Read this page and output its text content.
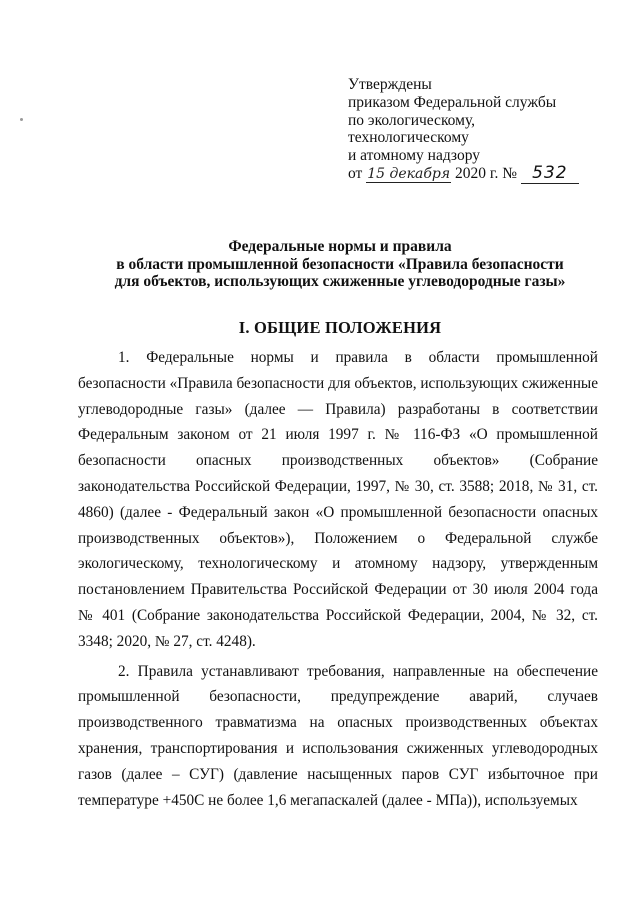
Утверждены
приказом Федеральной службы
по экологическому,
технологическому
и атомному надзору
от 15 декабря 2020 г. № 532
Федеральные нормы и правила
в области промышленной безопасности «Правила безопасности
для объектов, использующих сжиженные углеводородные газы»
I. ОБЩИЕ ПОЛОЖЕНИЯ

1. Федеральные нормы и правила в области промышленной безопасности «Правила безопасности для объектов, использующих сжиженные углеводородные газы» (далее — Правила) разработаны в соответствии Федеральным законом от 21 июля 1997 г. № 116-ФЗ «О промышленной безопасности опасных производственных объектов» (Собрание законодательства Российской Федерации, 1997, № 30, ст. 3588; 2018, № 31, ст. 4860) (далее - Федеральный закон «О промышленной безопасности опасных производственных объектов»), Положением о Федеральной службе экологическому, технологическому и атомному надзору, утвержденным постановлением Правительства Российской Федерации от 30 июля 2004 года № 401 (Собрание законодательства Российской Федерации, 2004, № 32, ст. 3348; 2020, № 27, ст. 4248).

2. Правила устанавливают требования, направленные на обеспечение промышленной безопасности, предупреждение аварий, случаев производственного травматизма на опасных производственных объектах хранения, транспортирования и использования сжиженных углеводородных газов (далее – СУГ) (давление насыщенных паров СУГ избыточное при температуре +450С не более 1,6 мегапаскалей (далее - МПа)), используемых
